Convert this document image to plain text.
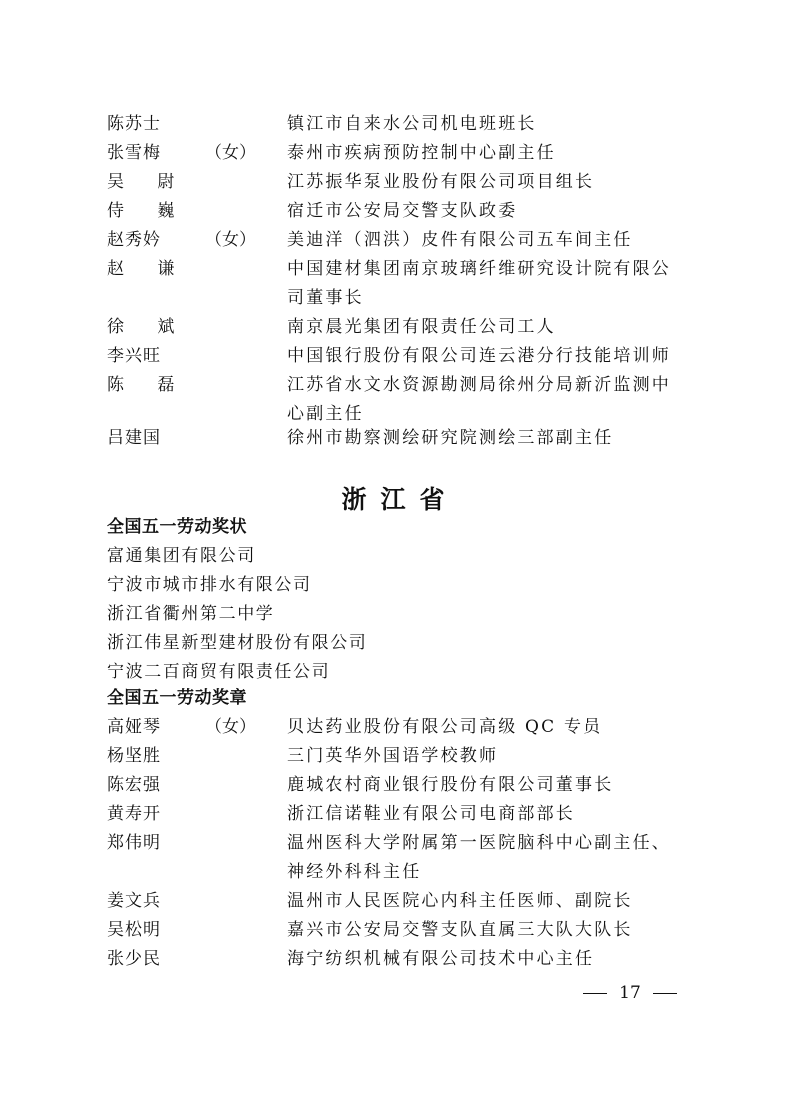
陈苏士	镇江市自来水公司机电班班长
张雪梅	（女） 泰州市疾病预防控制中心副主任
吴 尉	江苏振华泵业股份有限公司项目组长
侍 巍	宿迁市公安局交警支队政委
赵秀妗	（女） 美迪洋（泗洪）皮件有限公司五车间主任
赵 谦	中国建材集团南京玻璃纤维研究设计院有限公
司董事长
徐 斌	南京晨光集团有限责任公司工人
李兴旺	中国银行股份有限公司连云港分行技能培训师
陈 磊	江苏省水文水资源勘测局徐州分局新沂监测中
心副主任
吕建国	徐州市勘察测绘研究院测绘三部副主任
浙江省
全国五一劳动奖状
富通集团有限公司
宁波市城市排水有限公司
浙江省衢州第二中学
浙江伟星新型建材股份有限公司
宁波二百商贸有限责任公司
全国五一劳动奖章
高娅琴	（女） 贝达药业股份有限公司高级 QC 专员
杨坚胜	三门英华外国语学校教师
陈宏强	鹿城农村商业银行股份有限公司董事长
黄寿开	浙江信诺鞋业有限公司电商部部长
郑伟明	温州医科大学附属第一医院脑科中心副主任、
神经外科科主任
姜文兵	温州市人民医院心内科主任医师、副院长
吴松明	嘉兴市公安局交警支队直属三大队大队长
张少民	海宁纺织机械有限公司技术中心主任
17
